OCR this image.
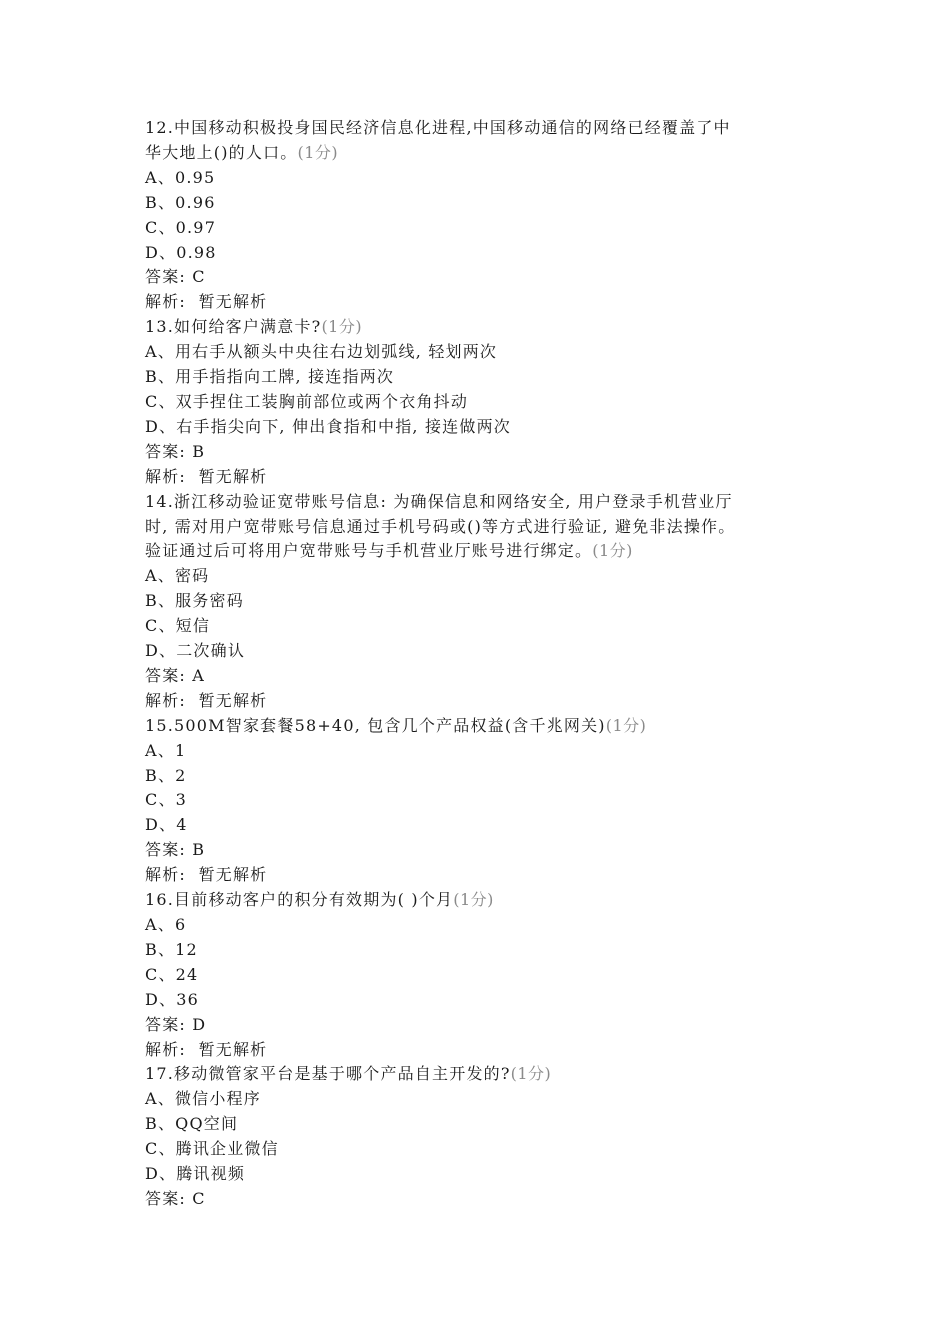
12.中国移动积极投身国民经济信息化进程,中国移动通信的网络已经覆盖了中
华大地上()的人口。(1分)
A、0.95
B、0.96
C、0.97
D、0.98
答案: C
解析:  暂无解析
13.如何给客户满意卡?(1分)
A、用右手从额头中央往右边划弧线, 轻划两次
B、用手指指向工牌, 接连指两次
C、双手捏住工装胸前部位或两个衣角抖动
D、右手指尖向下, 伸出食指和中指, 接连做两次
答案: B
解析:  暂无解析
14.浙江移动验证宽带账号信息: 为确保信息和网络安全, 用户登录手机营业厅
时, 需对用户宽带账号信息通过手机号码或()等方式进行验证, 避免非法操作。
验证通过后可将用户宽带账号与手机营业厅账号进行绑定。(1分)
A、密码
B、服务密码
C、短信
D、二次确认
答案: A
解析:  暂无解析
15.500M智家套餐58+40, 包含几个产品权益(含千兆网关)(1分)
A、1
B、2
C、3
D、4
答案: B
解析:  暂无解析
16.目前移动客户的积分有效期为( )个月(1分)
A、6
B、12
C、24
D、36
答案: D
解析:  暂无解析
17.移动微管家平台是基于哪个产品自主开发的?(1分)
A、微信小程序
B、QQ空间
C、腾讯企业微信
D、腾讯视频
答案: C
